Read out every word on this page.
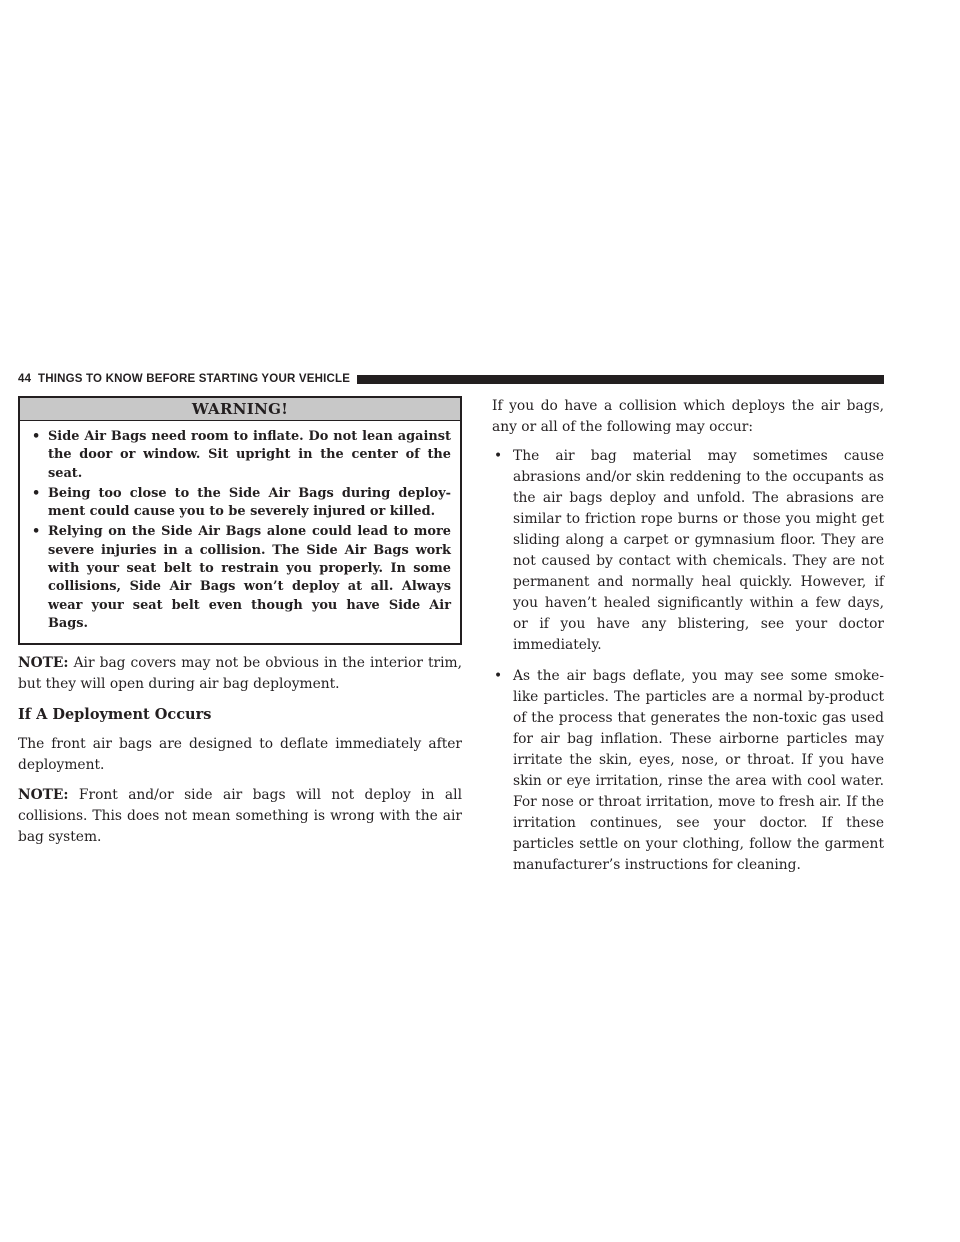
44 THINGS TO KNOW BEFORE STARTING YOUR VEHICLE
WARNING!
• Side Air Bags need room to inflate. Do not lean against the door or window. Sit upright in the center of the seat.
• Being too close to the Side Air Bags during deploy- ment could cause you to be severely injured or killed.
• Relying on the Side Air Bags alone could lead to more severe injuries in a collision. The Side Air Bags work with your seat belt to restrain you properly. In some collisions, Side Air Bags won’t deploy at all. Always wear your seat belt even though you have Side Air Bags.

NOTE: Air bag covers may not be obvious in the interior trim, but they will open during air bag deployment.

If A Deployment Occurs

The front air bags are designed to deflate immediately after deployment.

NOTE: Front and/or side air bags will not deploy in all collisions. This does not mean something is wrong with the air bag system.

If you do have a collision which deploys the air bags, any or all of the following may occur:

• The air bag material may sometimes cause abrasions and/or skin reddening to the occupants as the air bags deploy and unfold. The abrasions are similar to friction rope burns or those you might get sliding along a carpet or gymnasium floor. They are not caused by contact with chemicals. They are not permanent and normally heal quickly. However, if you haven’t healed significantly within a few days, or if you have any blistering, see your doctor immediately.
• As the air bags deflate, you may see some smoke-like particles. The particles are a normal by-product of the process that generates the non-toxic gas used for air bag inflation. These airborne particles may irritate the skin, eyes, nose, or throat. If you have skin or eye irritation, rinse the area with cool water. For nose or throat irritation, move to fresh air. If the irritation continues, see your doctor. If these particles settle on your clothing, follow the garment manufacturer’s instructions for cleaning.
